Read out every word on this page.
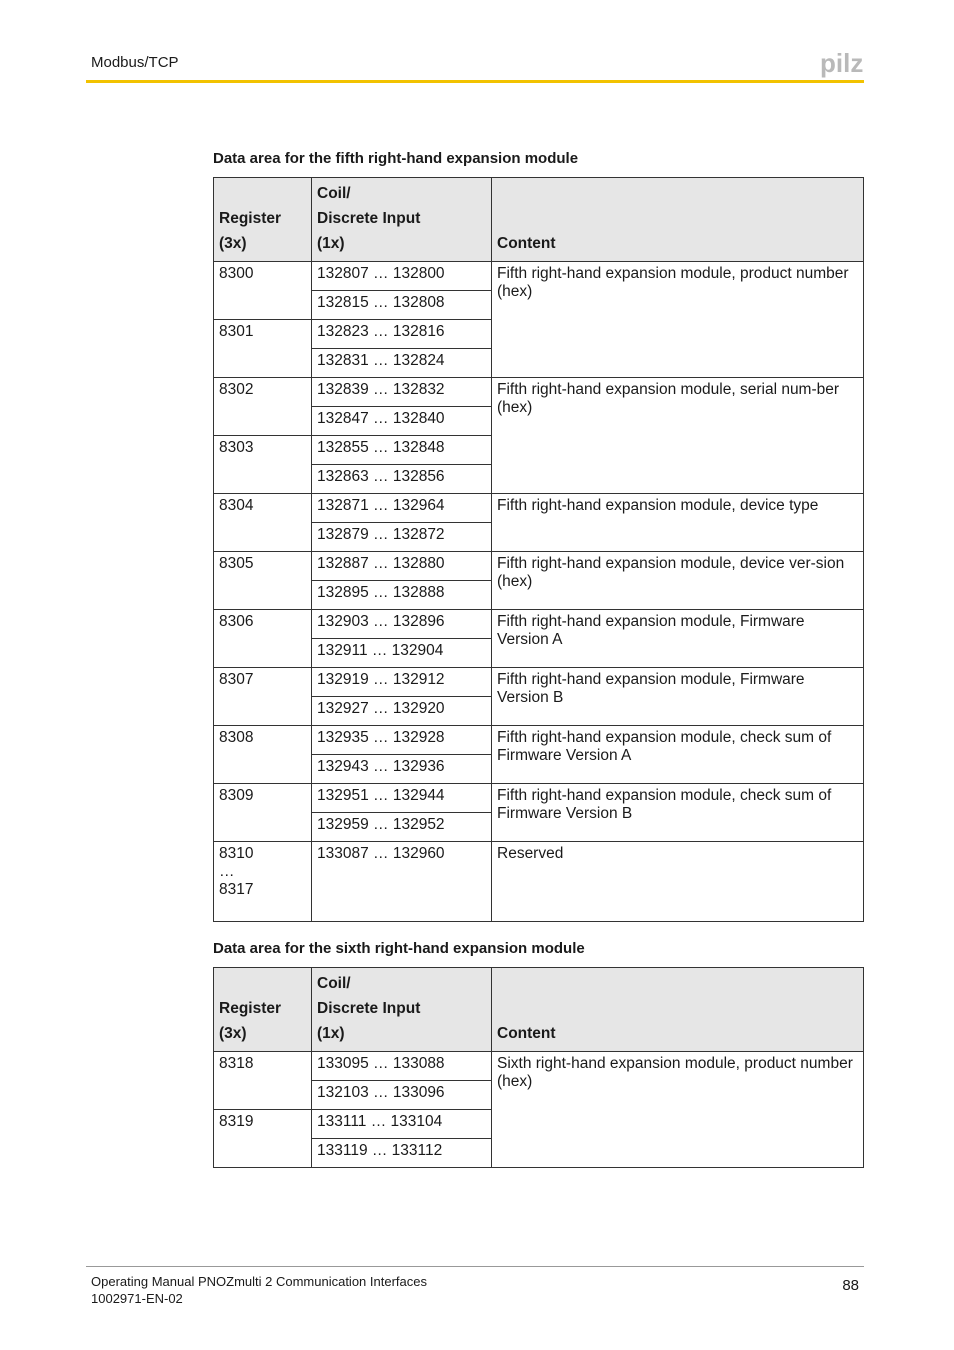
Modbus/TCP	pilz
Data area for the fifth right-hand expansion module
Register
(3x)	Coil/
Discrete Input
(1x)	Content
8300	132807 … 132800	Fifth right-hand expansion module, product number (hex)
	132815 … 132808	
8301	132823 … 132816	
	132831 … 132824	
8302	132839 … 132832	Fifth right-hand expansion module, serial num-ber (hex)
	132847 … 132840	
8303	132855 … 132848	
	132863 … 132856	
8304	132871 … 132964	Fifth right-hand expansion module, device type
	132879 … 132872	
8305	132887 … 132880	Fifth right-hand expansion module, device ver-sion (hex)
	132895 … 132888	
8306	132903 … 132896	Fifth right-hand expansion module, Firmware Version A
	132911 … 132904	
8307	132919 … 132912	Fifth right-hand expansion module, Firmware Version B
	132927 … 132920	
8308	132935 … 132928	Fifth right-hand expansion module, check sum of Firmware Version A
	132943 … 132936	
8309	132951 … 132944	Fifth right-hand expansion module, check sum of Firmware Version B
	132959 … 132952	
8310
…
8317	133087 … 132960	Reserved
Data area for the sixth right-hand expansion module
Register
(3x)	Coil/
Discrete Input
(1x)	Content
8318	133095 … 133088	Sixth right-hand expansion module, product number (hex)
	132103 … 133096	
8319	133111 … 133104	
	133119 … 133112	
Operating Manual PNOZmulti 2 Communication Interfaces
1002971-EN-02
88
